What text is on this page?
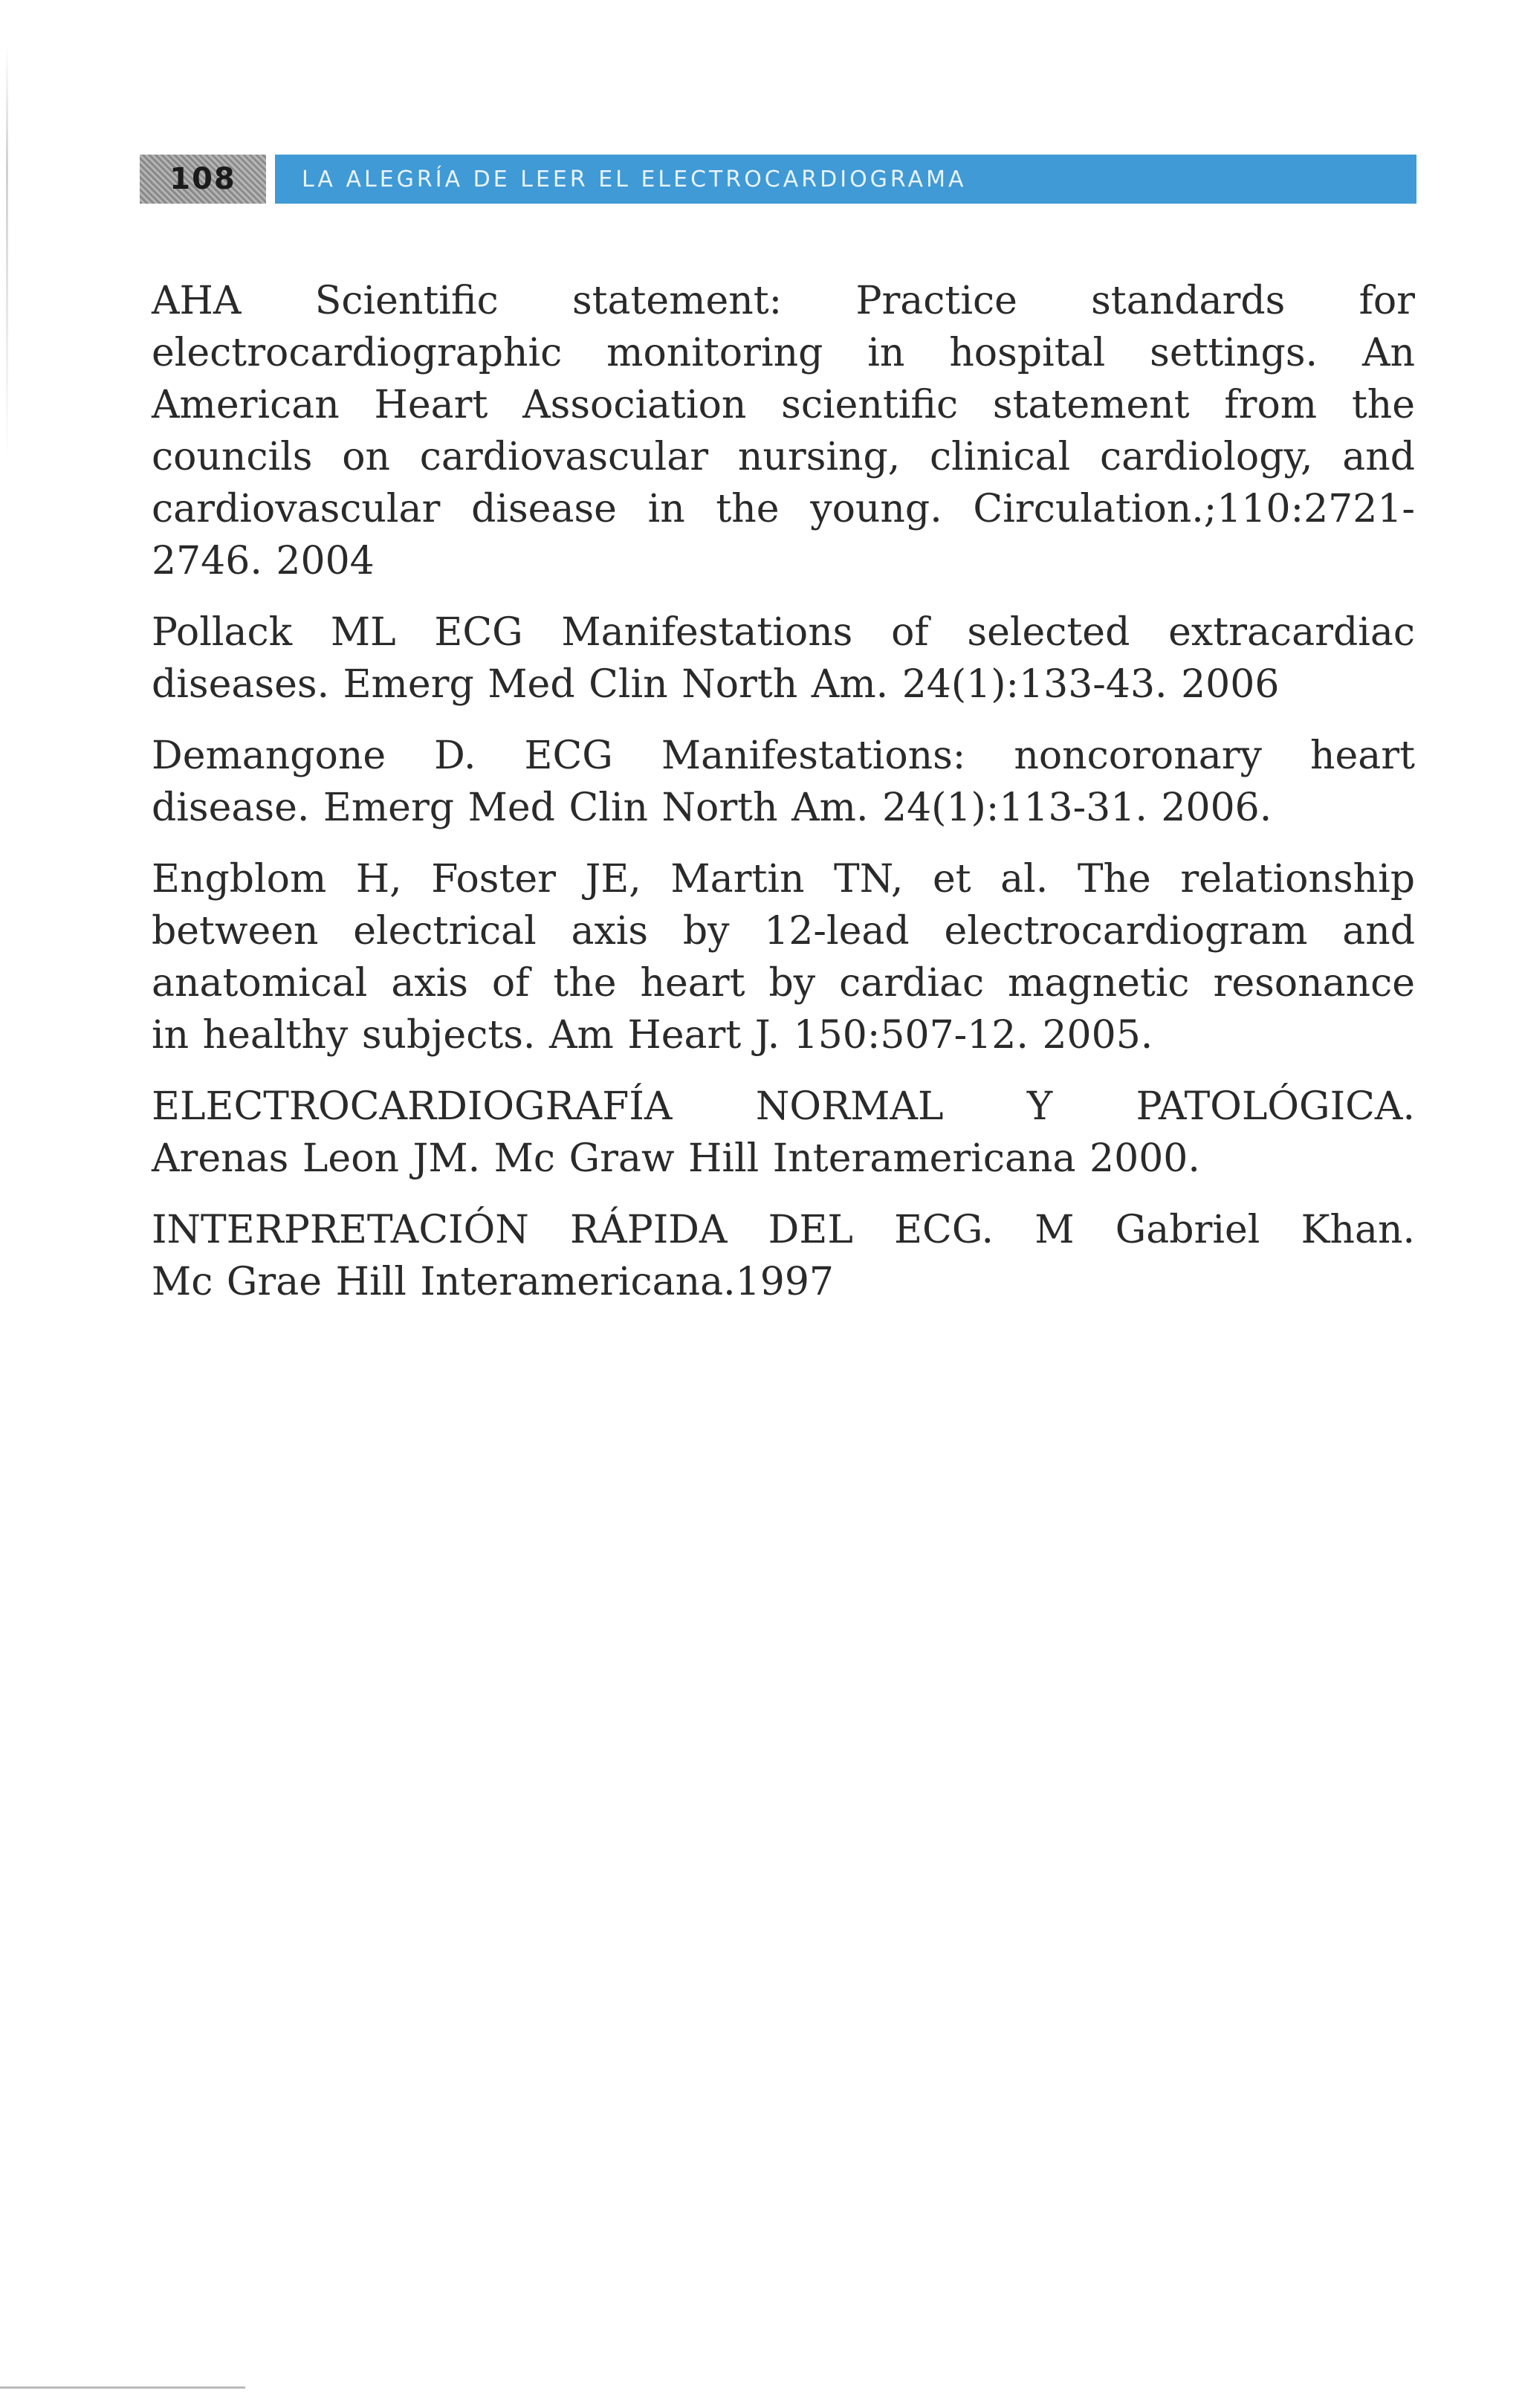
108	LA ALEGRÍA DE LEER EL ELECTROCARDIOGRAMA

AHA Scientific statement: Practice standards for
electrocardiographic monitoring in hospital settings. An
American Heart Association scientific statement from the
councils on cardiovascular nursing, clinical cardiology, and
cardiovascular disease in the young. Circulation.;110:2721-
2746. 2004

Pollack ML ECG Manifestations of selected extracardiac
diseases. Emerg Med Clin North Am. 24(1):133-43. 2006

Demangone D. ECG Manifestations: noncoronary heart
disease. Emerg Med Clin North Am. 24(1):113-31. 2006.

Engblom H, Foster JE, Martin TN, et al. The relationship
between electrical axis by 12-lead electrocardiogram and
anatomical axis of the heart by cardiac magnetic resonance
in healthy subjects. Am Heart J. 150:507-12. 2005.

ELECTROCARDIOGRAFÍA NORMAL Y PATOLÓGICA.
Arenas Leon JM. Mc Graw Hill Interamericana 2000.

INTERPRETACIÓN RÁPIDA DEL ECG. M Gabriel Khan.
Mc Grae Hill Interamericana.1997
